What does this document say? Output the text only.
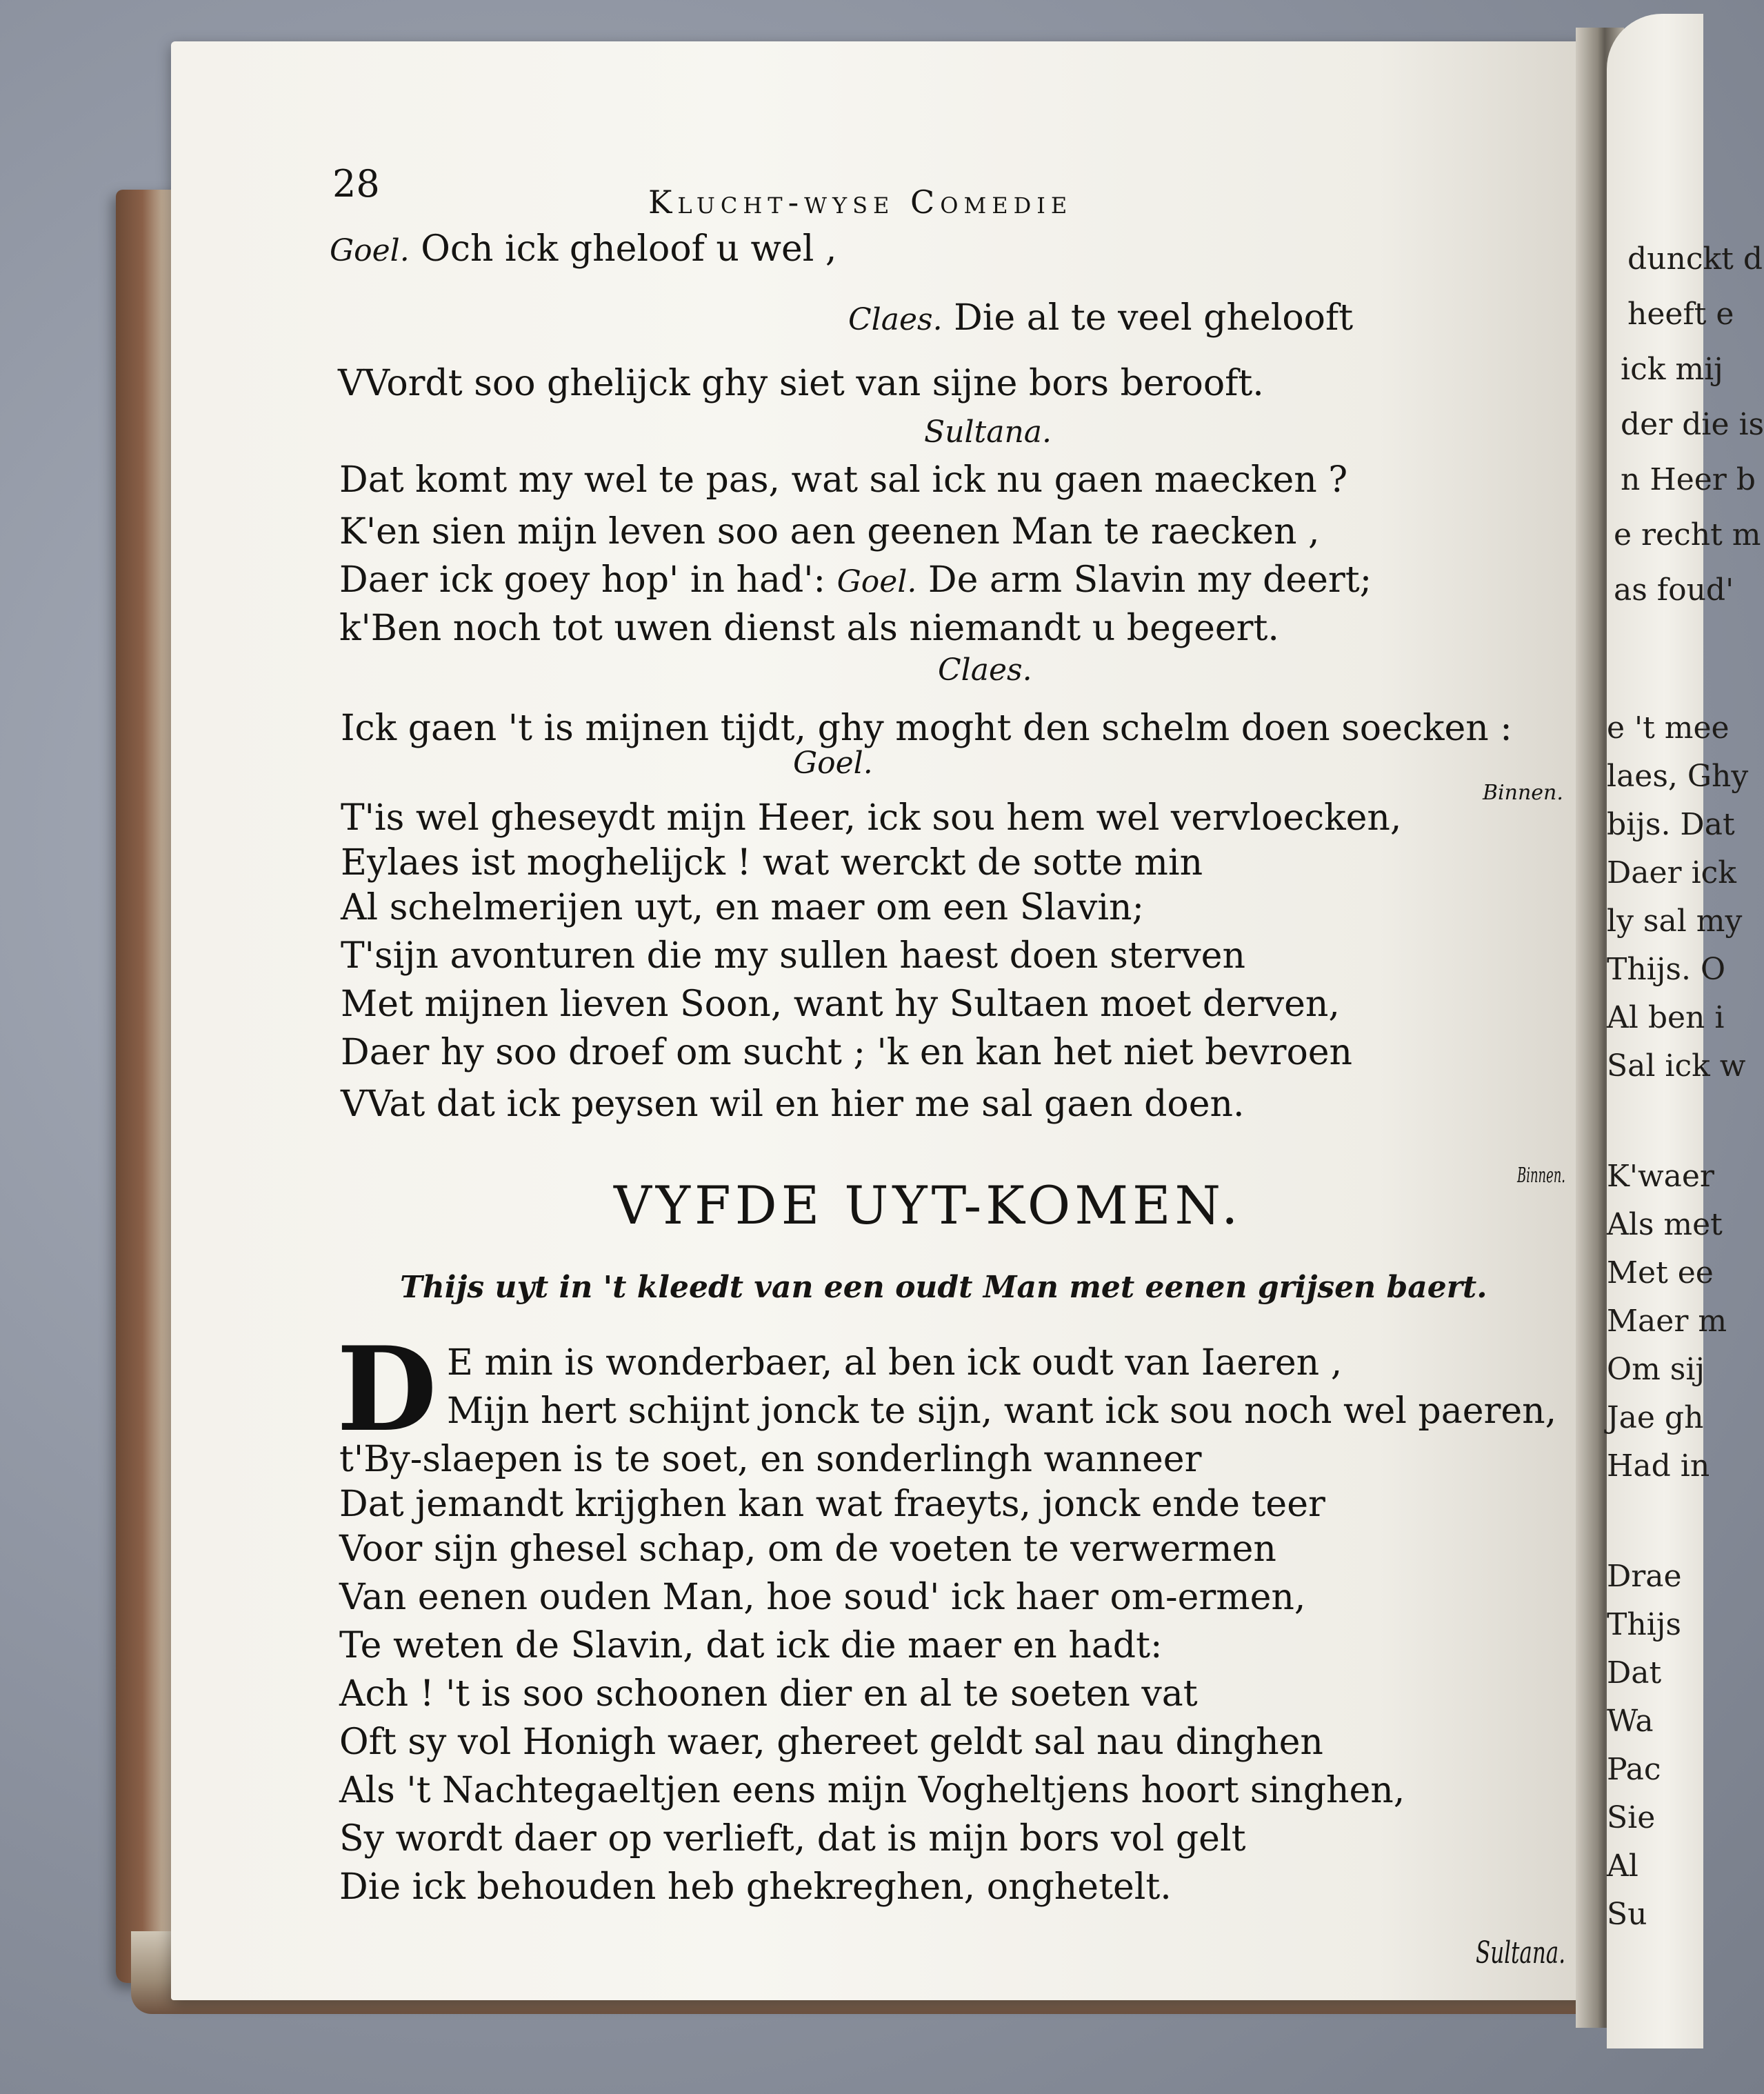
dunckt d
heeft e
ick mij
der die is
n Heer b
e recht m
as foud'
e 't mee
laes, Ghy
bijs. Dat
Daer ick
ly sal my
Thijs. O
Al ben i
Sal ick w
K'waer
Als met
Met ee
Maer m
Om sij
Jae gh
Had in
Drae
Thijs
Dat
Wa
Pac
Sie
Al
Su
28	Klucht-wyse Comedie
Goel. Och ick gheloof u wel ,
Claes. Die al te veel ghelooft
VVordt soo ghelijck ghy siet van sijne bors berooft.
Sultana.
Dat komt my wel te pas, wat sal ick nu gaen maecken ?
K'en sien mijn leven soo aen geenen Man te raecken ,
Daer ick goey hop' in had': Goel. De arm Slavin my deert;
k'Ben noch tot uwen dienst als niemandt u begeert.
Claes.
Ick gaen 't is mijnen tijdt, ghy moght den schelm doen soecken :
Goel.
Binnen.
T'is wel gheseydt mijn Heer, ick sou hem wel vervloecken,
Eylaes ist moghelijck ! wat werckt de sotte min
Al schelmerijen uyt, en maer om een Slavin;
T'sijn avonturen die my sullen haest doen sterven
Met mijnen lieven Soon, want hy Sultaen moet derven,
Daer hy soo droef om sucht ; 'k en kan het niet bevroen
VVat dat ick peysen wil en hier me sal gaen doen.
Binnen.
VYFDE UYT-KOMEN.
Thijs uyt in 't kleedt van een oudt Man met eenen grijsen baert.
D E min is wonderbaer, al ben ick oudt van Iaeren ,
Mijn hert schijnt jonck te sijn, want ick sou noch wel paeren,
t'By-slaepen is te soet, en sonderlingh wanneer
Dat jemandt krijghen kan wat fraeyts, jonck ende teer
Voor sijn ghesel schap, om de voeten te verwermen
Van eenen ouden Man, hoe soud' ick haer om-ermen,
Te weten de Slavin, dat ick die maer en hadt:
Ach ! 't is soo schoonen dier en al te soeten vat
Oft sy vol Honigh waer, ghereet geldt sal nau dinghen
Als 't Nachtegaeltjen eens mijn Vogheltjens hoort singhen,
Sy wordt daer op verlieft, dat is mijn bors vol gelt
Die ick behouden heb ghekreghen, onghetelt.
Sultana.
